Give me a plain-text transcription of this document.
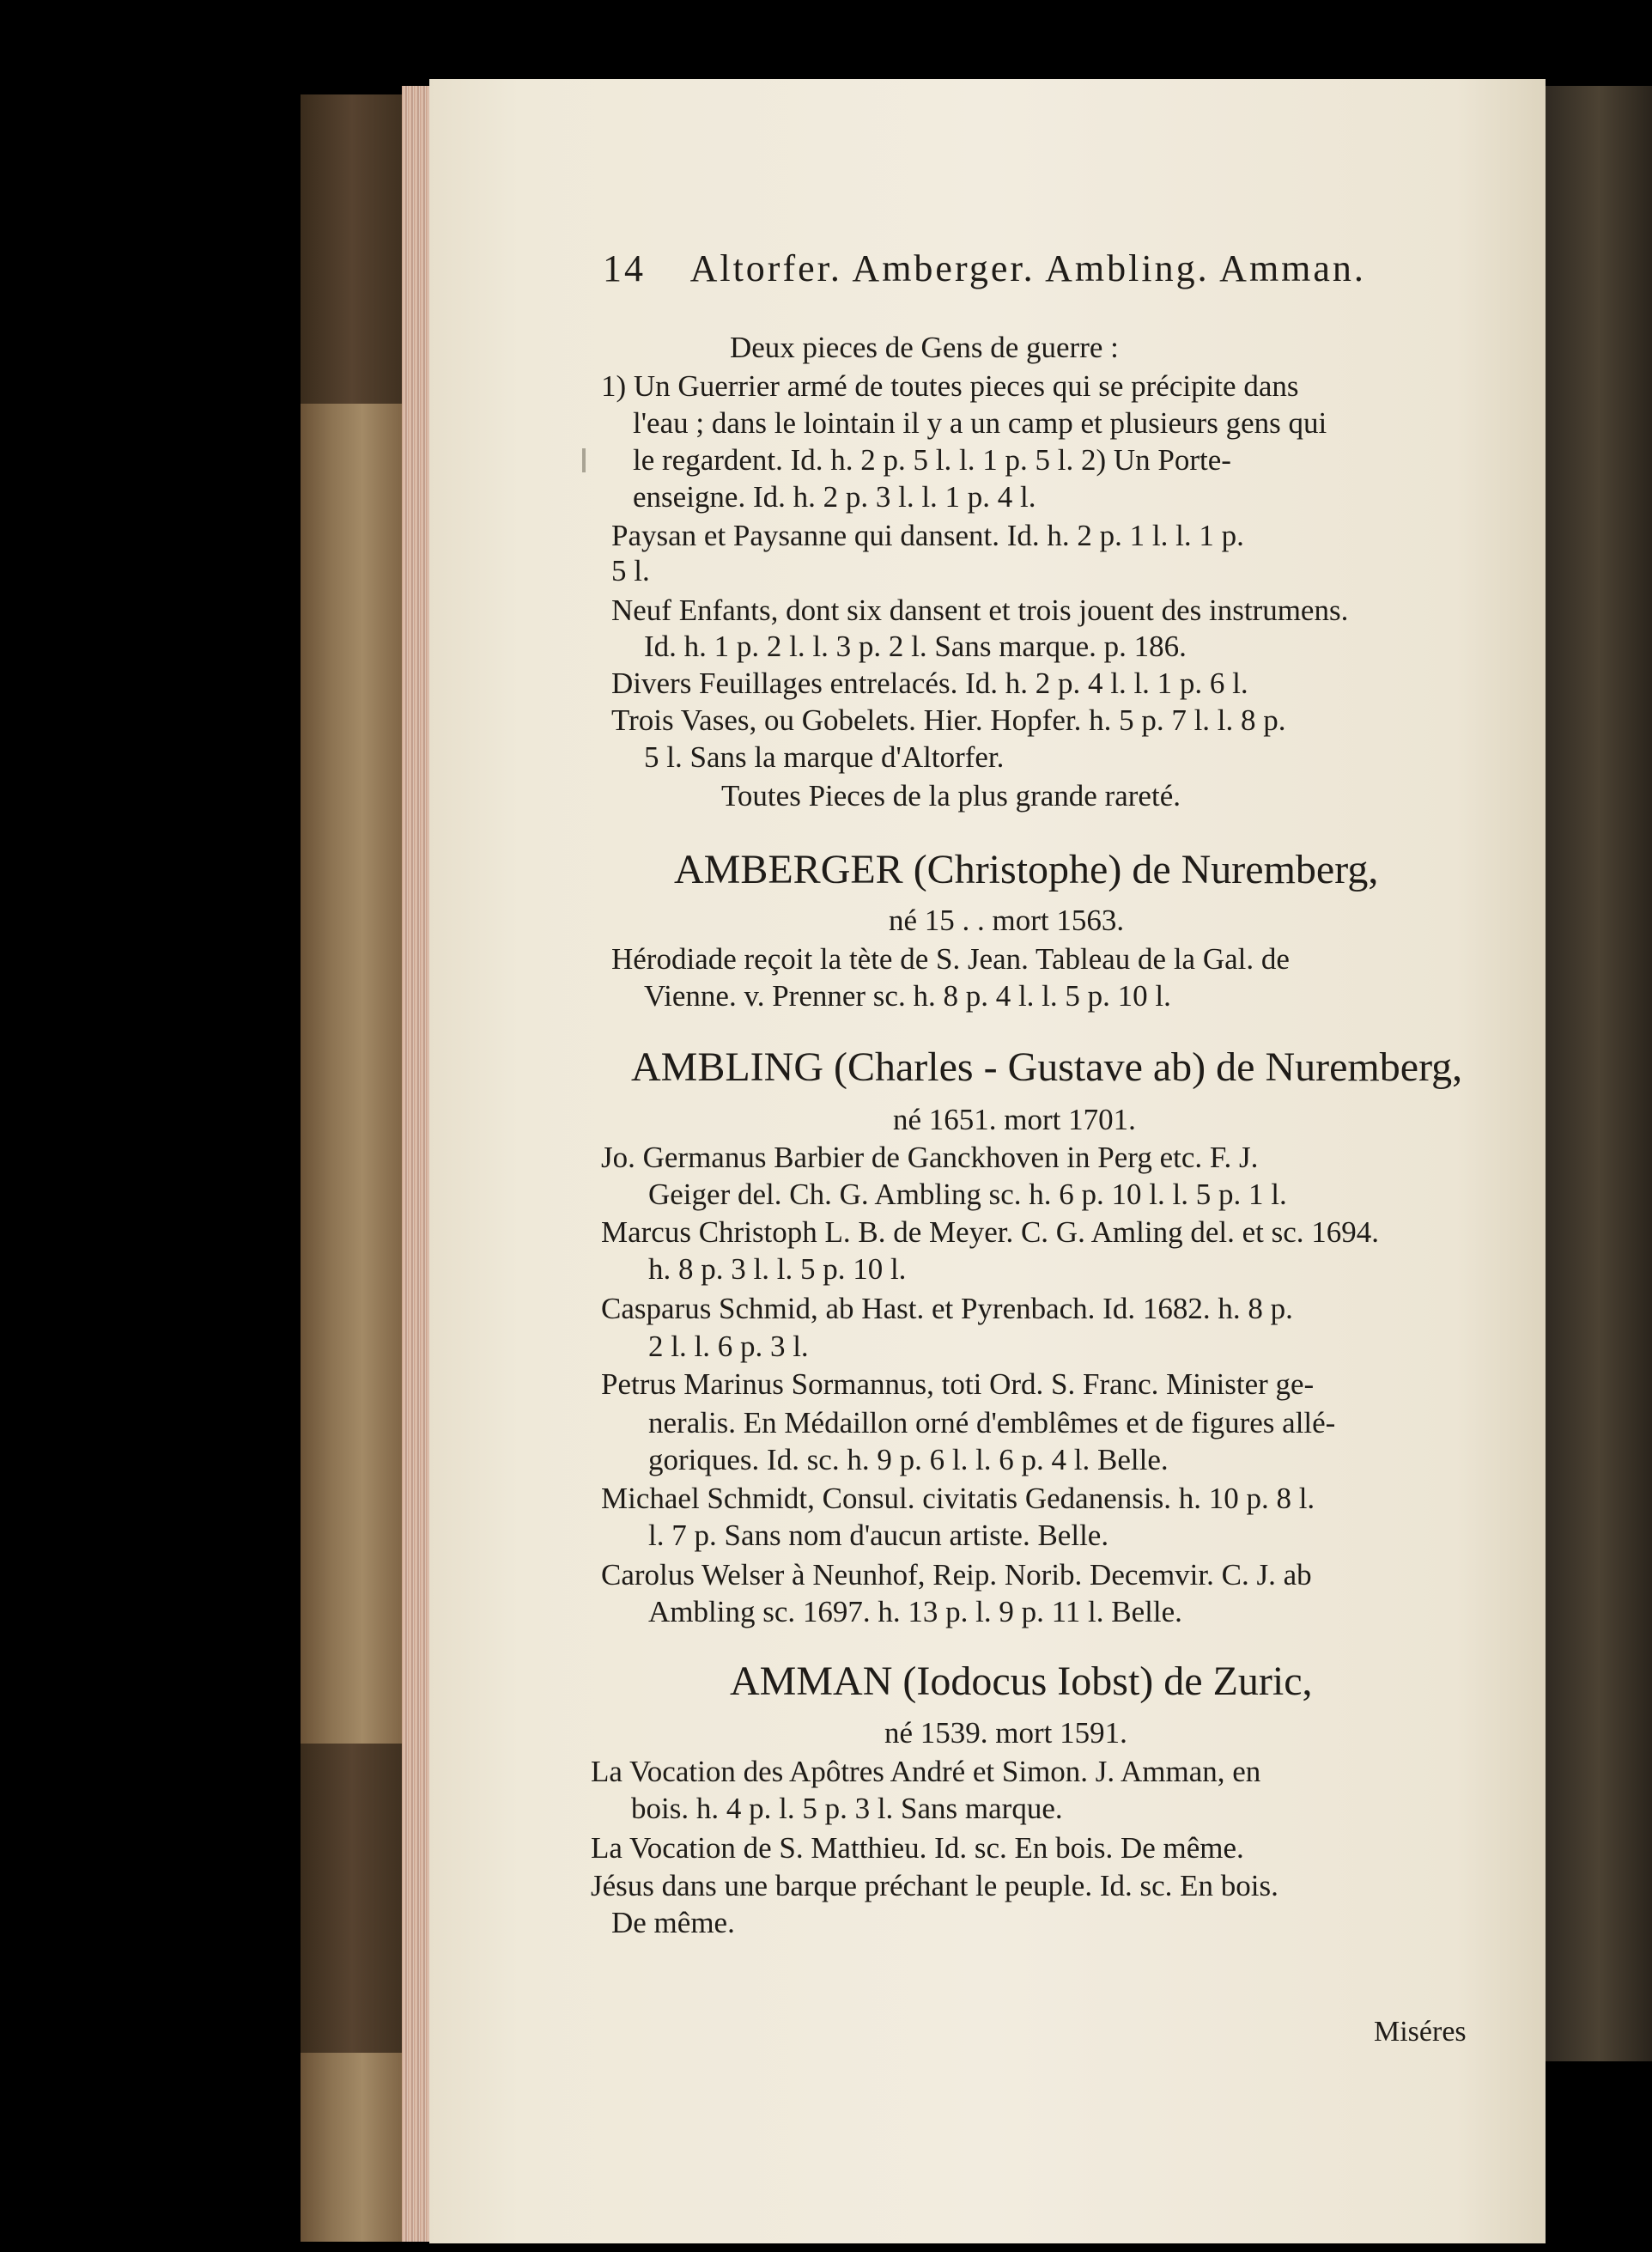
14 Altorfer. Amberger. Ambling. Amman.
Deux pieces de Gens de guerre :
1) Un Guerrier armé de toutes pieces qui se précipite dans
l'eau ; dans le lointain il y a un camp et plusieurs gens qui
le regardent. Id. h. 2 p. 5 l. l. 1 p. 5 l. 2) Un Porte-
enseigne. Id. h. 2 p. 3 l. l. 1 p. 4 l.
Paysan et Paysanne qui dansent. Id. h. 2 p. 1 l. l. 1 p.
5 l.
Neuf Enfants, dont six dansent et trois jouent des instrumens.
Id. h. 1 p. 2 l. l. 3 p. 2 l. Sans marque. p. 186.
Divers Feuillages entrelacés. Id. h. 2 p. 4 l. l. 1 p. 6 l.
Trois Vases, ou Gobelets. Hier. Hopfer. h. 5 p. 7 l. l. 8 p.
5 l. Sans la marque d'Altorfer.
Toutes Pieces de la plus grande rareté.
AMBERGER (Christophe) de Nuremberg,
né 15 . . mort 1563.
Hérodiade reçoit la tète de S. Jean. Tableau de la Gal. de
Vienne. v. Prenner sc. h. 8 p. 4 l. l. 5 p. 10 l.
AMBLING (Charles - Gustave ab) de Nuremberg,
né 1651. mort 1701.
Jo. Germanus Barbier de Ganckhoven in Perg etc. F. J.
Geiger del. Ch. G. Ambling sc. h. 6 p. 10 l. l. 5 p. 1 l.
Marcus Christoph L. B. de Meyer. C. G. Amling del. et sc. 1694.
h. 8 p. 3 l. l. 5 p. 10 l.
Casparus Schmid, ab Hast. et Pyrenbach. Id. 1682. h. 8 p.
2 l. l. 6 p. 3 l.
Petrus Marinus Sormannus, toti Ord. S. Franc. Minister ge-
neralis. En Médaillon orné d'emblêmes et de figures allé-
goriques. Id. sc. h. 9 p. 6 l. l. 6 p. 4 l. Belle.
Michael Schmidt, Consul. civitatis Gedanensis. h. 10 p. 8 l.
l. 7 p. Sans nom d'aucun artiste. Belle.
Carolus Welser à Neunhof, Reip. Norib. Decemvir. C. J. ab
Ambling sc. 1697. h. 13 p. l. 9 p. 11 l. Belle.
AMMAN (Iodocus Iobst) de Zuric,
né 1539. mort 1591.
La Vocation des Apôtres André et Simon. J. Amman, en
bois. h. 4 p. l. 5 p. 3 l. Sans marque.
La Vocation de S. Matthieu. Id. sc. En bois. De même.
Jésus dans une barque préchant le peuple. Id. sc. En bois.
De même.
Miséres
